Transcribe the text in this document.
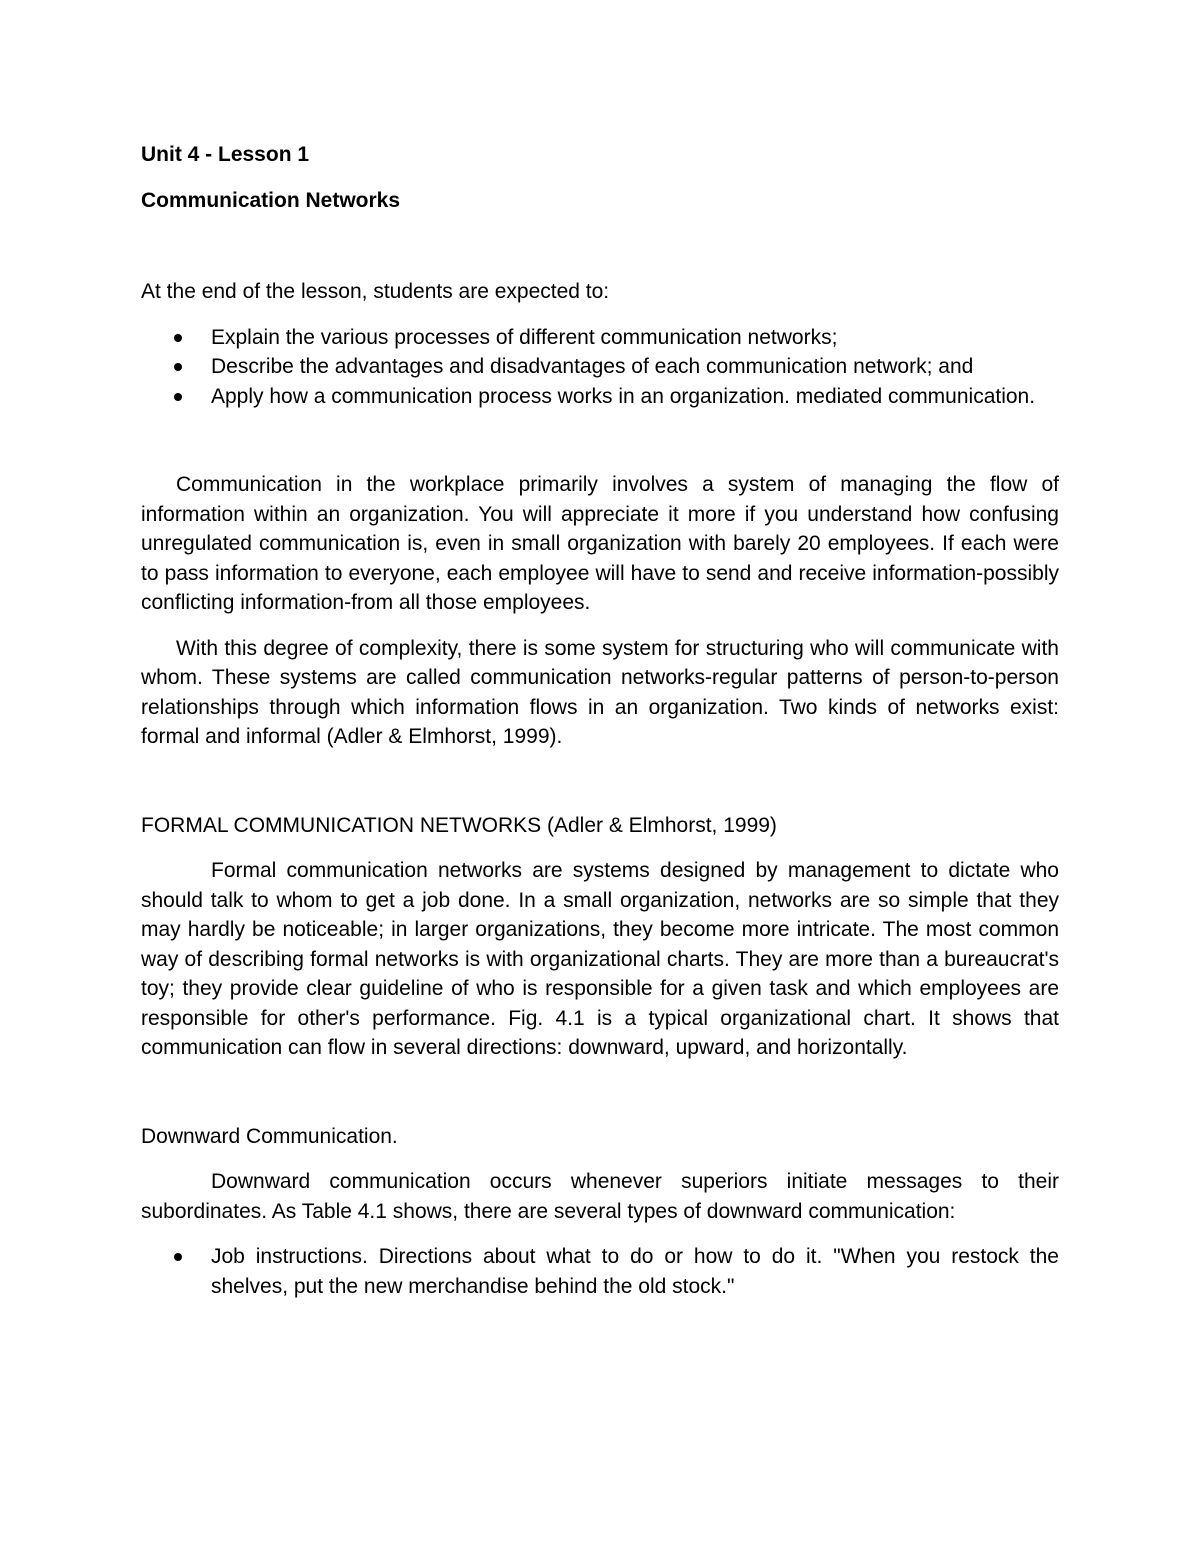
Unit 4 - Lesson 1

Communication Networks

At the end of the lesson, students are expected to:

Explain the various processes of different communication networks;
Describe the advantages and disadvantages of each communication network; and
Apply how a communication process works in an organization. mediated communication.

Communication in the workplace primarily involves a system of managing the flow of information within an organization. You will appreciate it more if you understand how confusing unregulated communication is, even in small organization with barely 20 employees. If each were to pass information to everyone, each employee will have to send and receive information-possibly conflicting information-from all those employees.

With this degree of complexity, there is some system for structuring who will communicate with whom. These systems are called communication networks-regular patterns of person-to-person relationships through which information flows in an organization. Two kinds of networks exist: formal and informal (Adler & Elmhorst, 1999).

FORMAL COMMUNICATION NETWORKS (Adler & Elmhorst, 1999)

Formal communication networks are systems designed by management to dictate who should talk to whom to get a job done. In a small organization, networks are so simple that they may hardly be noticeable; in larger organizations, they become more intricate. The most common way of describing formal networks is with organizational charts. They are more than a bureaucrat's toy; they provide clear guideline of who is responsible for a given task and which employees are responsible for other's performance. Fig. 4.1 is a typical organizational chart. It shows that communication can flow in several directions: downward, upward, and horizontally.

Downward Communication.

Downward communication occurs whenever superiors initiate messages to their subordinates. As Table 4.1 shows, there are several types of downward communication:

Job instructions. Directions about what to do or how to do it. "When you restock the shelves, put the new merchandise behind the old stock."
